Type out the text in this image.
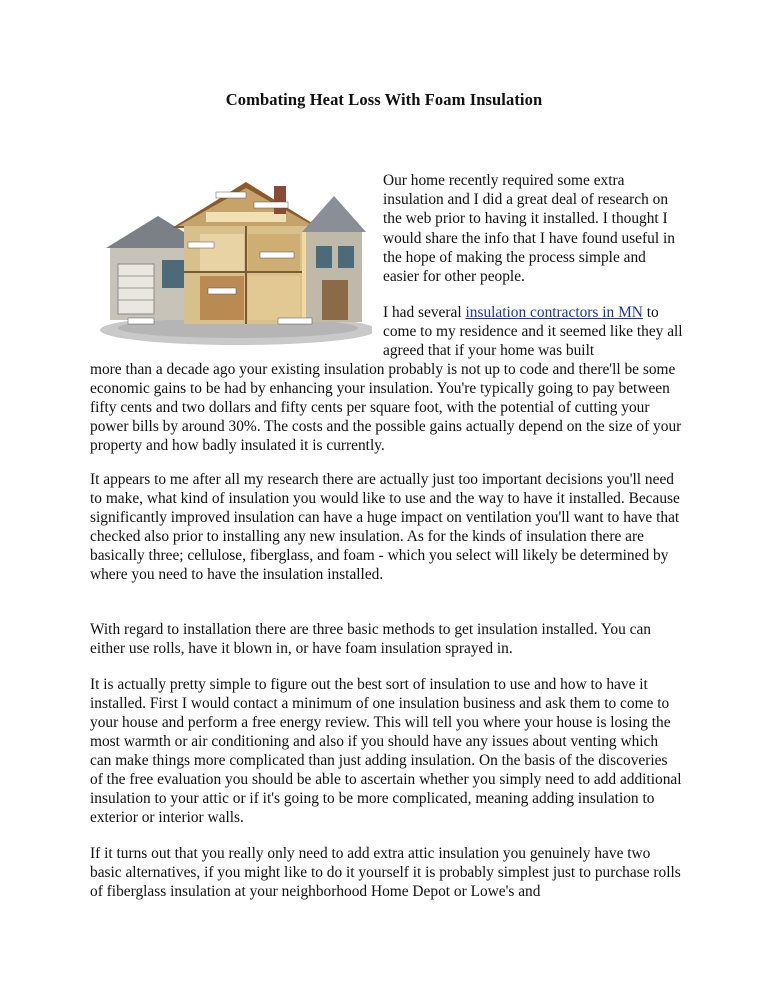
Combating Heat Loss With Foam Insulation

Our home recently required some extra insulation and I did a great deal of research on the web prior to having it installed. I thought I would share the info that I have found useful in the hope of making the process simple and easier for other people.

I had several insulation contractors in MN to come to my residence and it seemed like they all agreed that if your home was built

more than a decade ago your existing insulation probably is not up to code and there'll be some economic gains to be had by enhancing your insulation. You're typically going to pay between fifty cents and two dollars and fifty cents per square foot, with the potential of cutting your power bills by around 30%. The costs and the possible gains actually depend on the size of your property and how badly insulated it is currently.

It appears to me after all my research there are actually just too important decisions you'll need to make, what kind of insulation you would like to use and the way to have it installed. Because significantly improved insulation can have a huge impact on ventilation you'll want to have that checked also prior to installing any new insulation. As for the kinds of insulation there are basically three; cellulose, fiberglass, and foam - which you select will likely be determined by where you need to have the insulation installed.

With regard to installation there are three basic methods to get insulation installed. You can either use rolls, have it blown in, or have foam insulation sprayed in.

It is actually pretty simple to figure out the best sort of insulation to use and how to have it installed. First I would contact a minimum of one insulation business and ask them to come to your house and perform a free energy review. This will tell you where your house is losing the most warmth or air conditioning and also if you should have any issues about venting which can make things more complicated than just adding insulation. On the basis of the discoveries of the free evaluation you should be able to ascertain whether you simply need to add additional insulation to your attic or if it's going to be more complicated, meaning adding insulation to exterior or interior walls.

If it turns out that you really only need to add extra attic insulation you genuinely have two basic alternatives, if you might like to do it yourself it is probably simplest just to purchase rolls of fiberglass insulation at your neighborhood Home Depot or Lowe's and
